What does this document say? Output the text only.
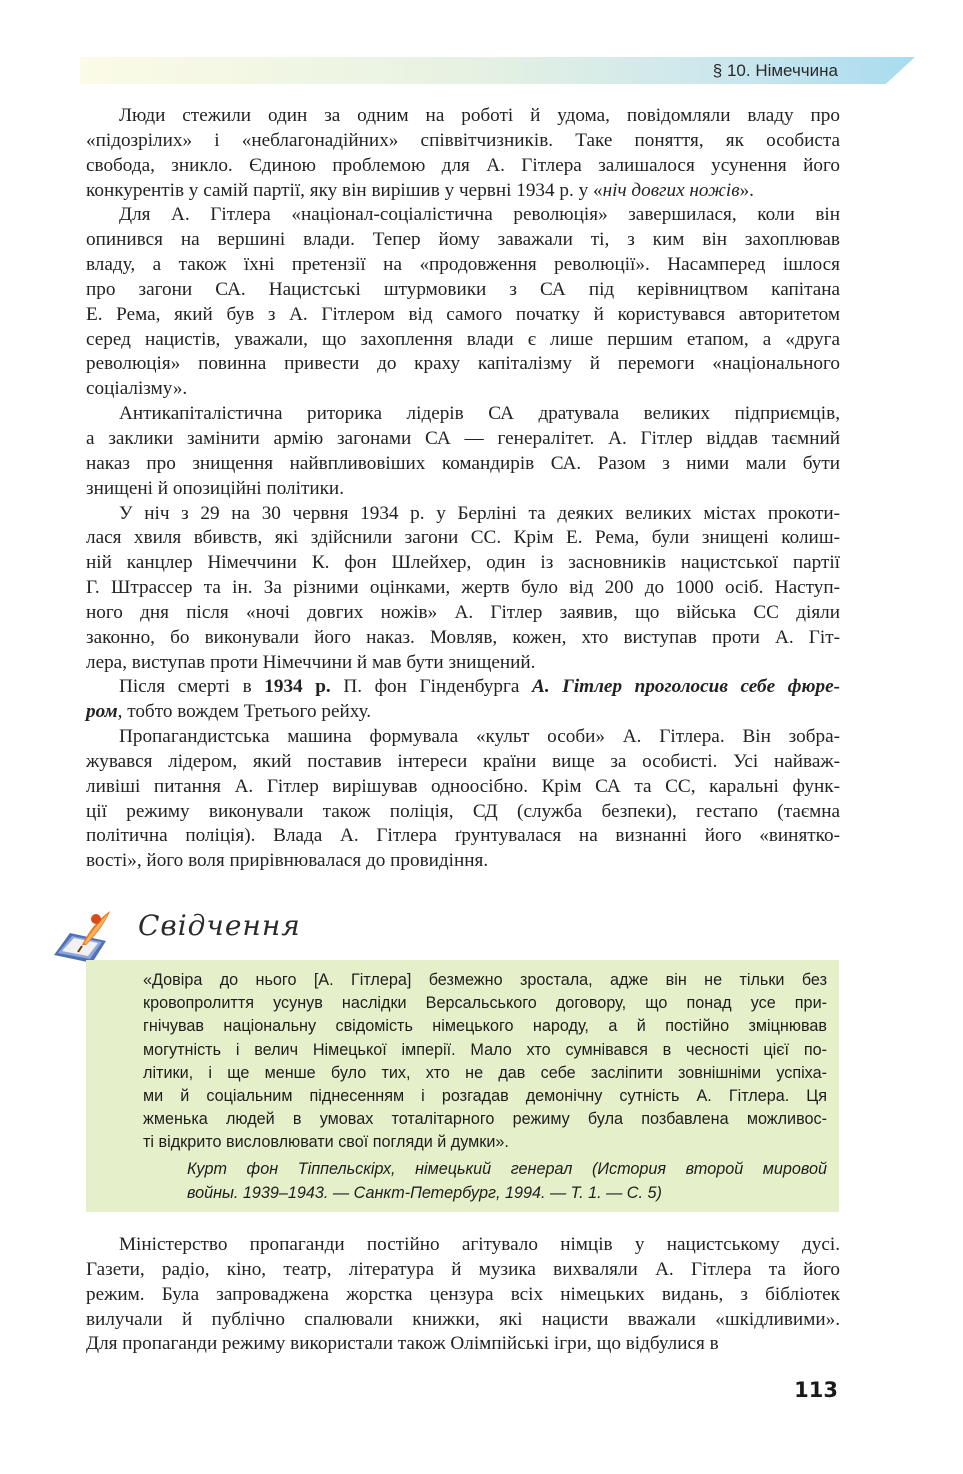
§ 10. Німеччина
Люди стежили один за одним на роботі й удома, повідомляли владу про
«підозрілих» і «неблагонадійних» співвітчизників. Таке поняття, як особиста
свобода, зникло. Єдиною проблемою для А. Гітлера залишалося усунення його
конкурентів у самій партії, яку він вирішив у червні 1934 р. у «ніч довгих ножів».
Для А. Гітлера «націонал-соціалістична революція» завершилася, коли він
опинився на вершині влади. Тепер йому заважали ті, з ким він захоплював
владу, а також їхні претензії на «продовження революції». Насамперед ішлося
про загони СА. Нацистські штурмовики з СА під керівництвом капітана
Е. Рема, який був з А. Гітлером від самого початку й користувався авторитетом
серед нацистів, уважали, що захоплення влади є лише першим етапом, а «друга
революція» повинна привести до краху капіталізму й перемоги «національного
соціалізму».
Антикапіталістична риторика лідерів СА дратувала великих підприємців,
а заклики замінити армію загонами СА — генералітет. А. Гітлер віддав таємний
наказ про знищення найвпливовіших командирів СА. Разом з ними мали бути
знищені й опозиційні політики.
У ніч з 29 на 30 червня 1934 р. у Берліні та деяких великих містах прокоти-
лася хвиля вбивств, які здійснили загони СС. Крім Е. Рема, були знищені колиш-
ній канцлер Німеччини К. фон Шлейхер, один із засновників нацистської партії
Г. Штрассер та ін. За різними оцінками, жертв було від 200 до 1000 осіб. Наступ-
ного дня після «ночі довгих ножів» А. Гітлер заявив, що війська СС діяли
законно, бо виконували його наказ. Мовляв, кожен, хто виступав проти А. Гіт-
лера, виступав проти Німеччини й мав бути знищений.
Після смерті в 1934 р. П. фон Гінденбурга А. Гітлер проголосив себе фюре-
ром, тобто вождем Третього рейху.
Пропагандистська машина формувала «культ особи» А. Гітлера. Він зобра-
жувався лідером, який поставив інтереси країни вище за особисті. Усі найваж-
ливіші питання А. Гітлер вирішував одноосібно. Крім СА та СС, каральні функ-
ції режиму виконували також поліція, СД (служба безпеки), гестапо (таємна
політична поліція). Влада А. Гітлера ґрунтувалася на визнанні його «винятко-
вості», його воля прирівнювалася до провидіння.
Свідчення
«Довіра до нього [А. Гітлера] безмежно зростала, адже він не тільки без
кровопролиття усунув наслідки Версальського договору, що понад усе при-
гнічував національну свідомість німецького народу, а й постійно зміцнював
могутність і велич Німецької імперії. Мало хто сумнівався в чесності цієї по-
літики, і ще менше було тих, хто не дав себе засліпити зовнішніми успіха-
ми й соціальним піднесенням і розгадав демонічну сутність А. Гітлера. Ця
жменька людей в умовах тоталітарного режиму була позбавлена можливос-
ті відкрито висловлювати свої погляди й думки».
Курт фон Тіппельскірх, німецький генерал (История второй мировой
войны. 1939–1943. — Санкт-Петербург, 1994. — Т. 1. — С. 5)
Міністерство пропаганди постійно агітувало німців у нацистському дусі.
Газети, радіо, кіно, театр, література й музика вихваляли А. Гітлера та його
режим. Була запроваджена жорстка цензура всіх німецьких видань, з бібліотек
вилучали й публічно спалювали книжки, які нацисти вважали «шкідливими».
Для пропаганди режиму використали також Олімпійські ігри, що відбулися в
113
